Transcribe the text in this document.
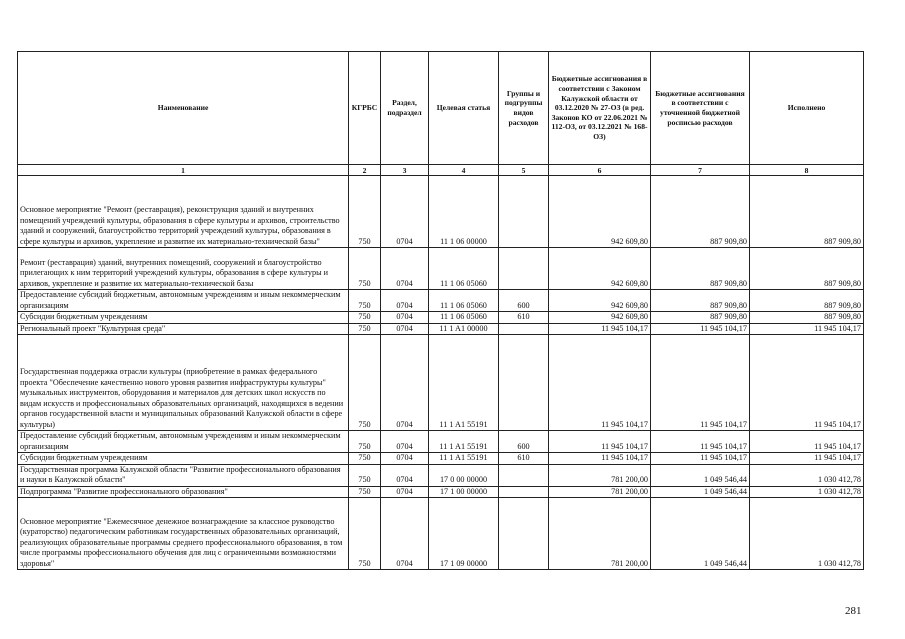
Наименование	КГРБС	Раздел, подраздел	Целевая статья	Группы и подгруппы видов расходов	Бюджетные ассигнования в соответствии с Законом Калужской области от 03.12.2020 № 27-ОЗ (в ред. Законов КО от 22.06.2021 № 112-ОЗ, от 03.12.2021 № 168-ОЗ)	Бюджетные ассигнования в соответствии с уточненной бюджетной росписью расходов	Исполнено
1	2	3	4	5	6	7	8
Основное мероприятие "Ремонт (реставрация), реконструкция зданий и внутренних помещений учреждений культуры, образования в сфере культуры и архивов, строительство зданий и сооружений, благоустройство территорий учреждений культуры, образования в сфере культуры и архивов, укрепление и развитие их материально-технической базы"	750	0704	11 1 06 00000		942 609,80	887 909,80	887 909,80
Ремонт (реставрация) зданий, внутренних помещений, сооружений и благоустройство прилегающих к ним территорий учреждений культуры, образования в сфере культуры и архивов, укрепление и развитие их материально-технической базы	750	0704	11 1 06 05060		942 609,80	887 909,80	887 909,80
Предоставление субсидий бюджетным, автономным учреждениям и иным некоммерческим организациям	750	0704	11 1 06 05060	600	942 609,80	887 909,80	887 909,80
Субсидии бюджетным учреждениям	750	0704	11 1 06 05060	610	942 609,80	887 909,80	887 909,80
Региональный проект "Культурная среда"	750	0704	11 1 A1 00000		11 945 104,17	11 945 104,17	11 945 104,17
Государственная поддержка отрасли культуры (приобретение в рамках федерального проекта "Обеспечение качественно нового уровня развития инфраструктуры культуры" музыкальных инструментов, оборудования и материалов для детских школ искусств по видам искусств и профессиональных образовательных организаций, находящихся в ведении органов государственной власти и муниципальных образований Калужской области в сфере культуры)	750	0704	11 1 A1 55191		11 945 104,17	11 945 104,17	11 945 104,17
Предоставление субсидий бюджетным, автономным учреждениям и иным некоммерческим организациям	750	0704	11 1 A1 55191	600	11 945 104,17	11 945 104,17	11 945 104,17
Субсидии бюджетным учреждениям	750	0704	11 1 A1 55191	610	11 945 104,17	11 945 104,17	11 945 104,17
Государственная программа Калужской области "Развитие профессионального образования и науки в Калужской области"	750	0704	17 0 00 00000		781 200,00	1 049 546,44	1 030 412,78
Подпрограмма "Развитие профессионального образования"	750	0704	17 1 00 00000		781 200,00	1 049 546,44	1 030 412,78
Основное мероприятие "Ежемесячное денежное вознаграждение за классное руководство (кураторство) педагогическим работникам государственных образовательных организаций, реализующих образовательные программы среднего профессионального образования, в том числе программы профессионального обучения для лиц с ограниченными возможностями здоровья"	750	0704	17 1 09 00000		781 200,00	1 049 546,44	1 030 412,78
281
